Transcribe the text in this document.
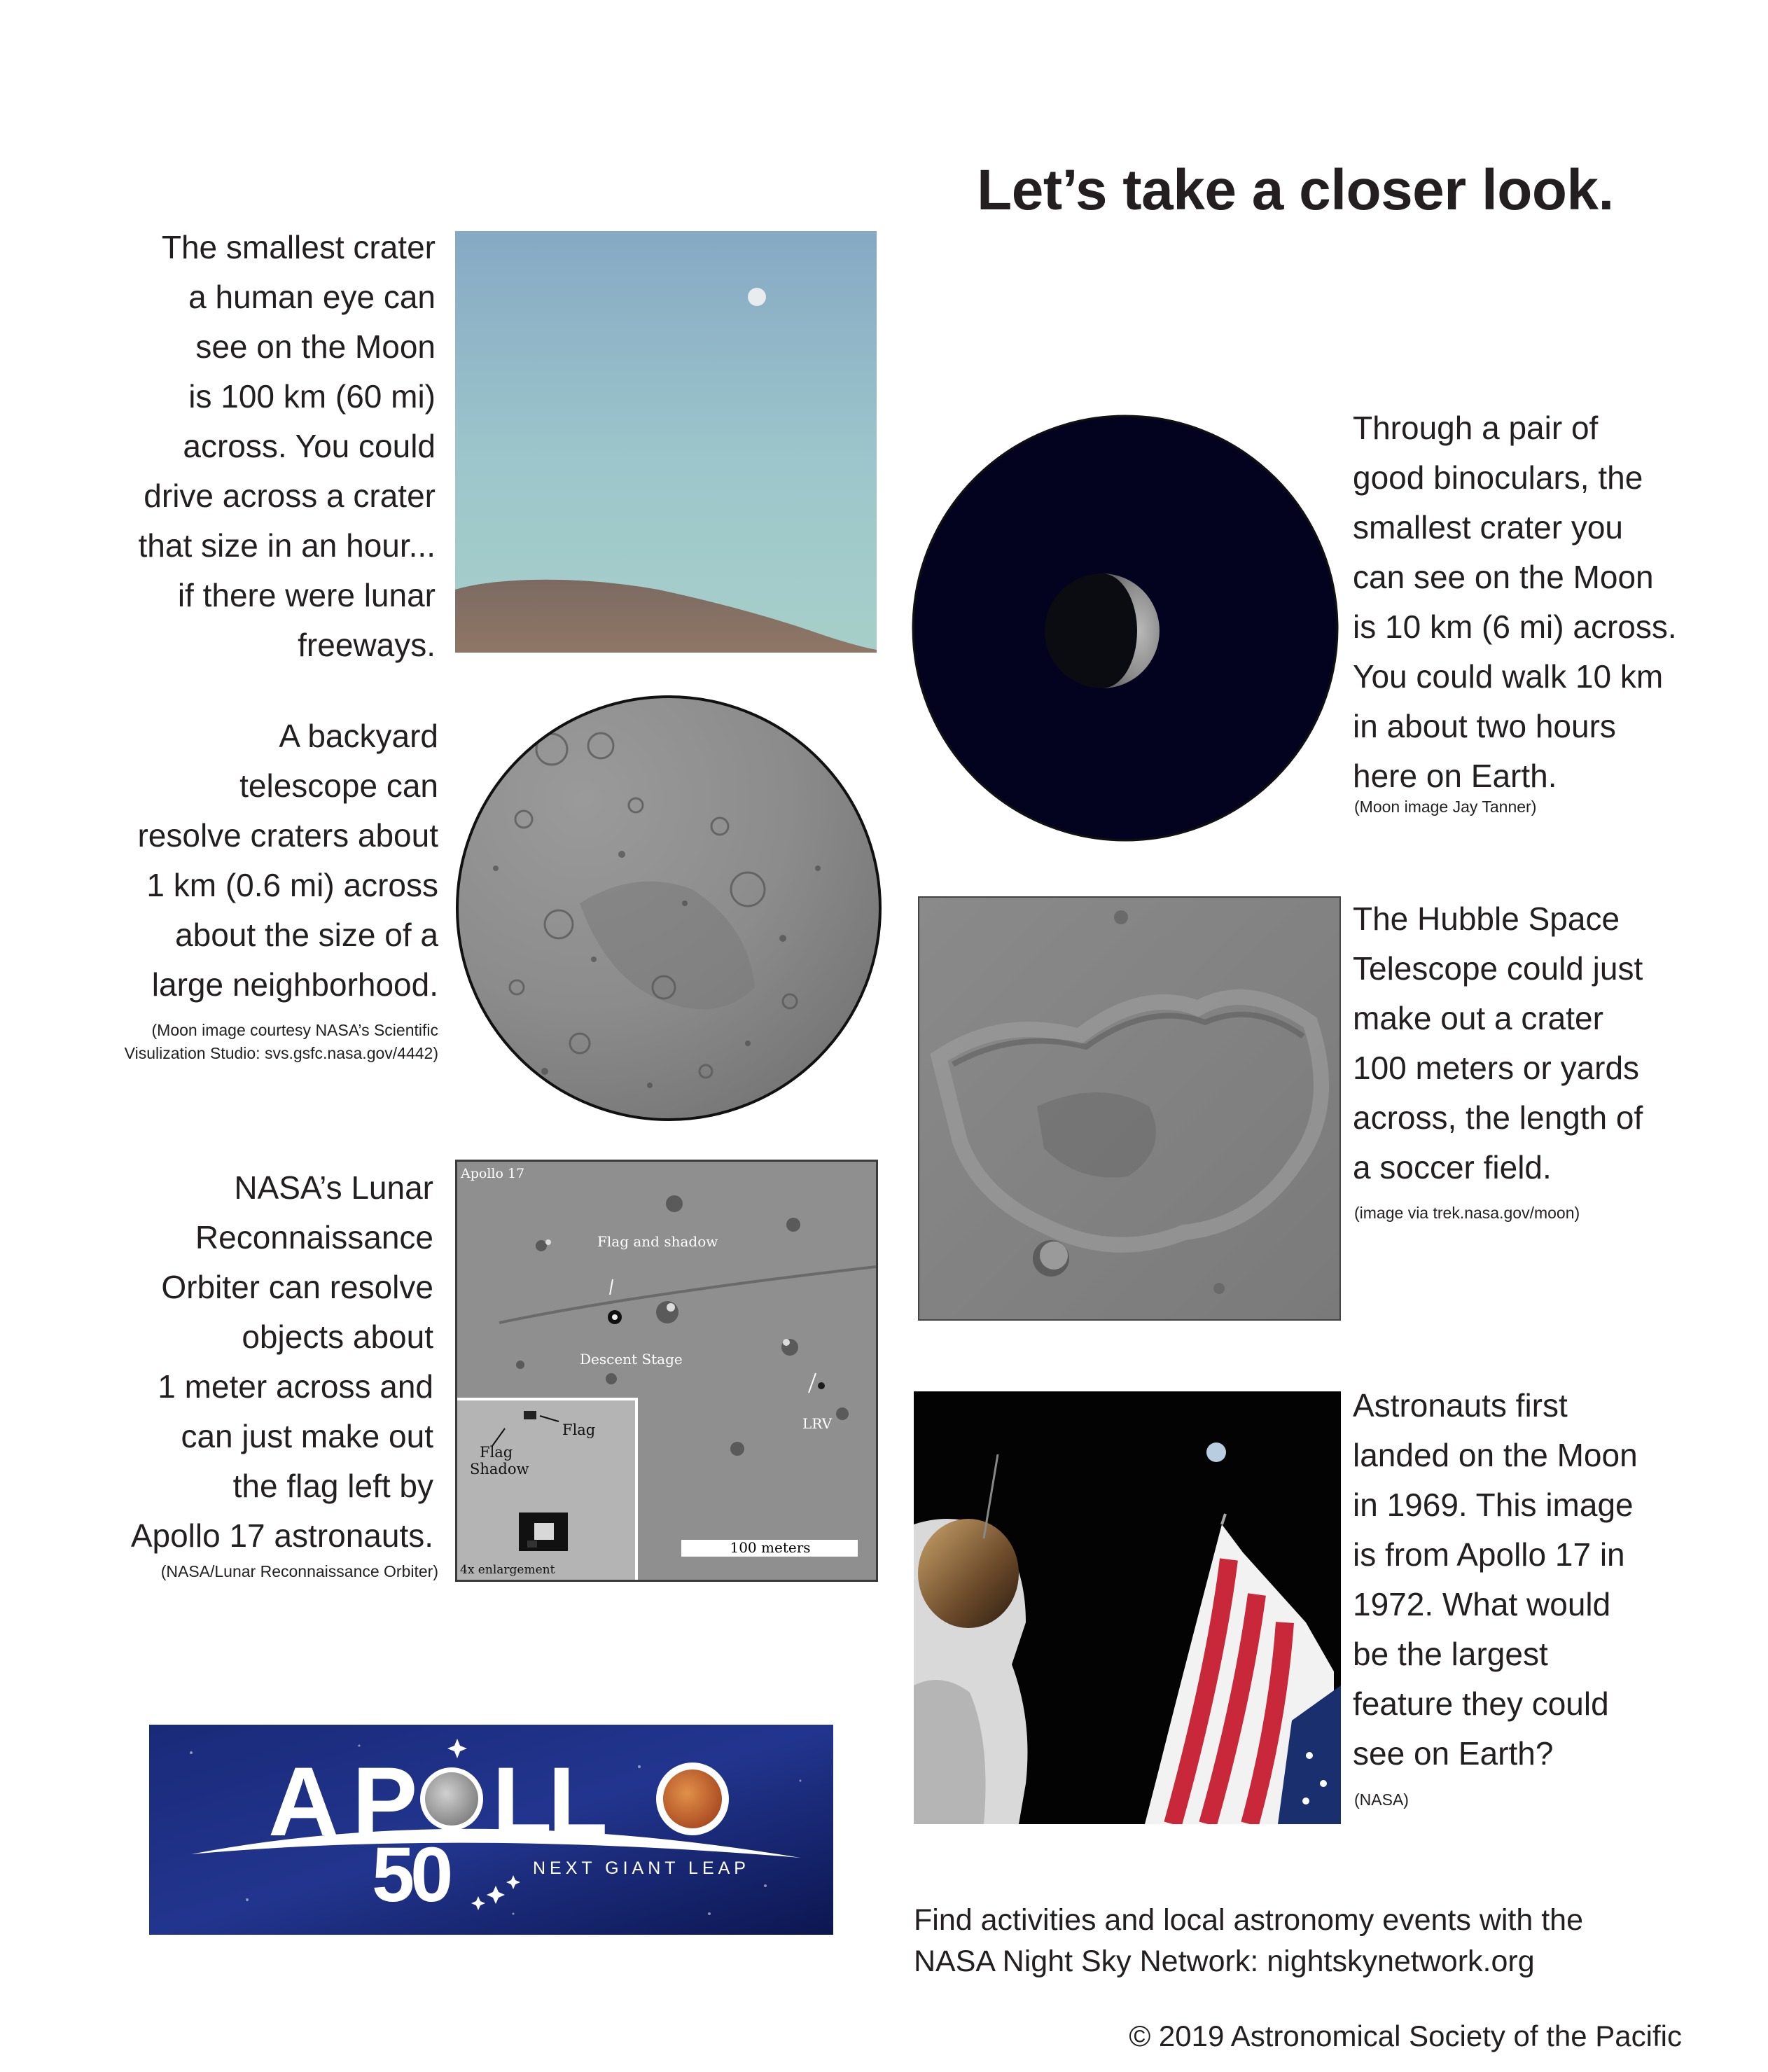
Let’s take a closer look.
The smallest crater
a human eye can
see on the Moon
is 100 km (60 mi)
across. You could
drive across a crater
that size in an hour...
if there were lunar
freeways.
Through a pair of
good binoculars, the
smallest crater you
can see on the Moon
is 10 km (6 mi) across.
You could walk 10 km
in about two hours
here on Earth.
(Moon image Jay Tanner)
A backyard
telescope can
resolve craters about
1 km (0.6 mi) across
about the size of a
large neighborhood.
(Moon image courtesy NASA’s Scientific
Visulization Studio: svs.gsfc.nasa.gov/4442)
The Hubble Space
Telescope could just
make out a crater
100 meters or yards
across, the length of
a soccer field.
(image via trek.nasa.gov/moon)
NASA’s Lunar
Reconnaissance
Orbiter can resolve
objects about
1 meter across and
can just make out
the flag left by
Apollo 17 astronauts.
(NASA/Lunar Reconnaissance Orbiter)
Apollo 17
Flag and shadow
Descent Stage
LRV
100 meters
Flag
Flag
Shadow
4x enlargement
Astronauts first
landed on the Moon
in 1969. This image
is from Apollo 17 in
1972. What would
be the largest
feature they could
see on Earth?
(NASA)
A P LL
50	NEXT GIANT LEAP
Find activities and local astronomy events with the
NASA Night Sky Network: nightskynetwork.org
© 2019 Astronomical Society of the Pacific
